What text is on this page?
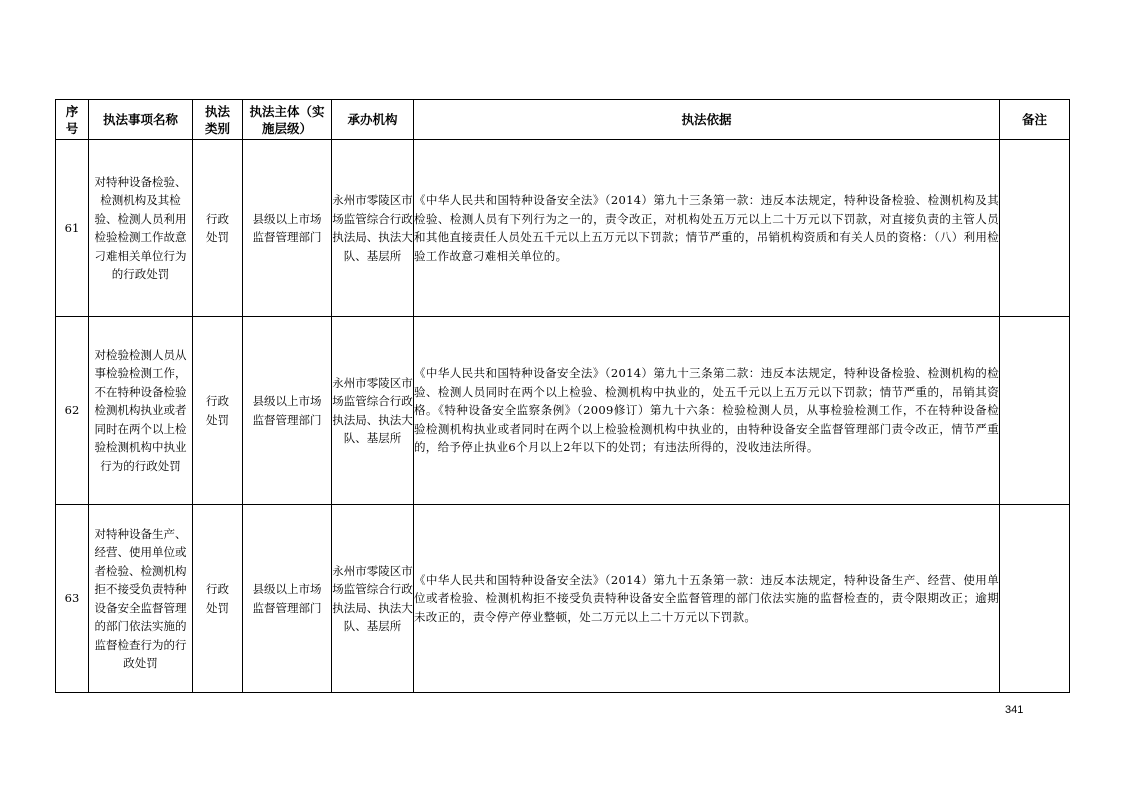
序号	执法事项名称	执法类别	执法主体（实施层级）	承办机构	执法依据	备注
61	对特种设备检验、检测机构及其检验、检测人员利用检验检测工作故意刁难相关单位行为的行政处罚	行政处罚	县级以上市场监督管理部门	永州市零陵区市场监管综合行政执法局、执法大队、基层所	《中华人民共和国特种设备安全法》（2014）第九十三条第一款：违反本法规定，特种设备检验、检测机构及其检验、检测人员有下列行为之一的，责令改正，对机构处五万元以上二十万元以下罚款，对直接负责的主管人员和其他直接责任人员处五千元以上五万元以下罚款；情节严重的，吊销机构资质和有关人员的资格：（八）利用检验工作故意刁难相关单位的。	
62	对检验检测人员从事检验检测工作，不在特种设备检验检测机构执业或者同时在两个以上检验检测机构中执业行为的行政处罚	行政处罚	县级以上市场监督管理部门	永州市零陵区市场监管综合行政执法局、执法大队、基层所	《中华人民共和国特种设备安全法》（2014）第九十三条第二款：违反本法规定，特种设备检验、检测机构的检验、检测人员同时在两个以上检验、检测机构中执业的，处五千元以上五万元以下罚款；情节严重的，吊销其资格。《特种设备安全监察条例》（2009修订）第九十六条：检验检测人员，从事检验检测工作，不在特种设备检验检测机构执业或者同时在两个以上检验检测机构中执业的，由特种设备安全监督管理部门责令改正，情节严重的，给予停止执业6个月以上2年以下的处罚；有违法所得的，没收违法所得。	
63	对特种设备生产、经营、使用单位或者检验、检测机构拒不接受负责特种设备安全监督管理的部门依法实施的监督检查行为的行政处罚	行政处罚	县级以上市场监督管理部门	永州市零陵区市场监管综合行政执法局、执法大队、基层所	《中华人民共和国特种设备安全法》（2014）第九十五条第一款：违反本法规定，特种设备生产、经营、使用单位或者检验、检测机构拒不接受负责特种设备安全监督管理的部门依法实施的监督检查的，责令限期改正；逾期未改正的，责令停产停业整顿，处二万元以上二十万元以下罚款。	
341
